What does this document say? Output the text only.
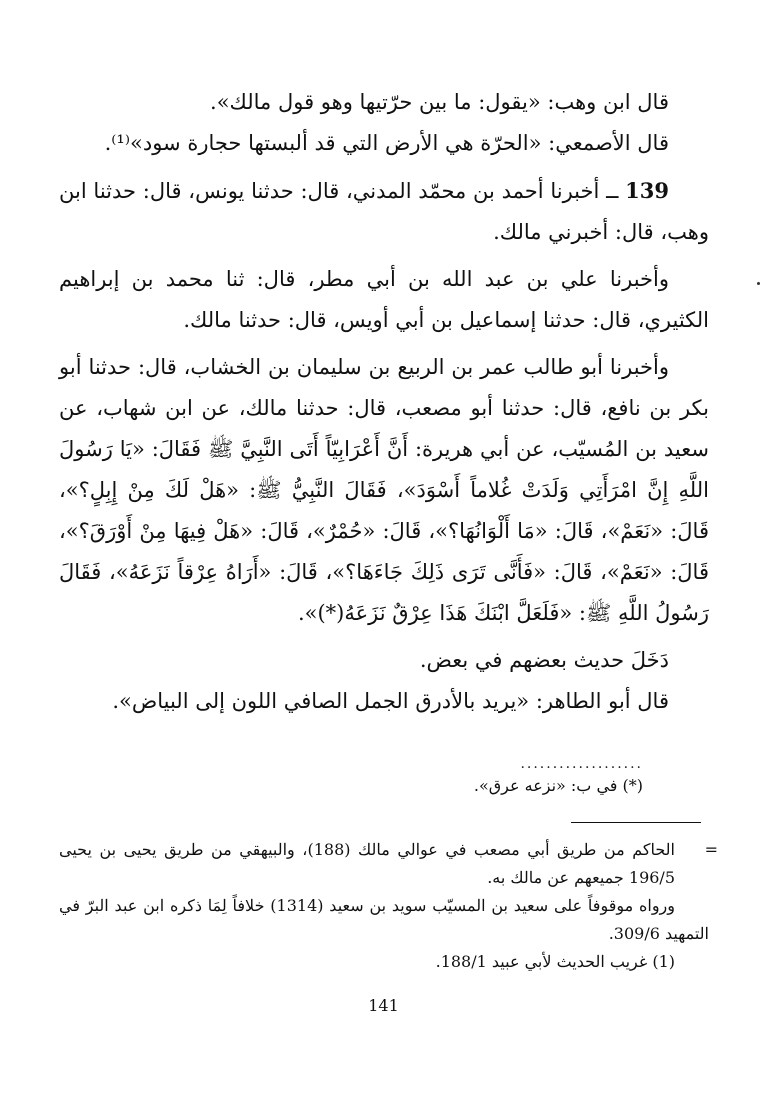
قال ابن وهب: «يقول: ما بين حرّتيها وهو قول مالك».

قال الأصمعي: «الحرّة هي الأرض التي قد ألبستها حجارة سود»⁽¹⁾.

139 ــ أخبرنا أحمد بن محمّد المدني، قال: حدثنا يونس، قال: حدثنا ابن وهب، قال: أخبرني مالك.

وأخبرنا علي بن عبد الله بن أبي مطر، قال: ثنا محمد بن إبراهيم الكثيري، قال: حدثنا إسماعيل بن أبي أويس، قال: حدثنا مالك.

وأخبرنا أبو طالب عمر بن الربيع بن سليمان بن الخشاب، قال: حدثنا أبو بكر بن نافع، قال: حدثنا أبو مصعب، قال: حدثنا مالك، عن ابن شهاب، عن سعيد بن المُسيّب، عن أبي هريرة: أَنَّ أَعْرَابِيّاً أَتَى النَّبِيَّ ﷺ فَقَالَ: «يَا رَسُولَ اللَّهِ إِنَّ امْرَأَتِي وَلَدَتْ غُلاماً أَسْوَدَ»، فَقَالَ النَّبِيُّ ﷺ: «هَلْ لَكَ مِنْ إِبِلٍ؟»، قَالَ: «نَعَمْ»، قَالَ: «مَا أَلْوَانُهَا؟»، قَالَ: «حُمْرٌ»، قَالَ: «هَلْ فِيهَا مِنْ أَوْرَقَ؟»، قَالَ: «نَعَمْ»، قَالَ: «فَأَنَّى تَرَى ذَلِكَ جَاءَهَا؟»، قَالَ: «أَرَاهُ عِرْقاً نَزَعَهُ»، فَقَالَ رَسُولُ اللَّهِ ﷺ: «فَلَعَلَّ ابْنَكَ هَذَا عِرْقٌ نَزَعَهُ(*)».

دَخَلَ حديث بعضهم في بعض.

قال أبو الطاهر: «يريد بالأدرق الجمل الصافي اللون إلى البياض».

...................
(*) في ب: «نزعه عرق».
=

الحاكم من طريق أبي مصعب في عوالي مالك (188)، والبيهقي من طريق يحيى بن يحيى 196/5 جميعهم عن مالك به.

ورواه موقوفاً على سعيد بن المسيّب سويد بن سعيد (1314) خلافاً لِمَا ذكره ابن عبد البرّ في التمهيد 309/6.

(1) غريب الحديث لأبي عبيد 188/1.

141
